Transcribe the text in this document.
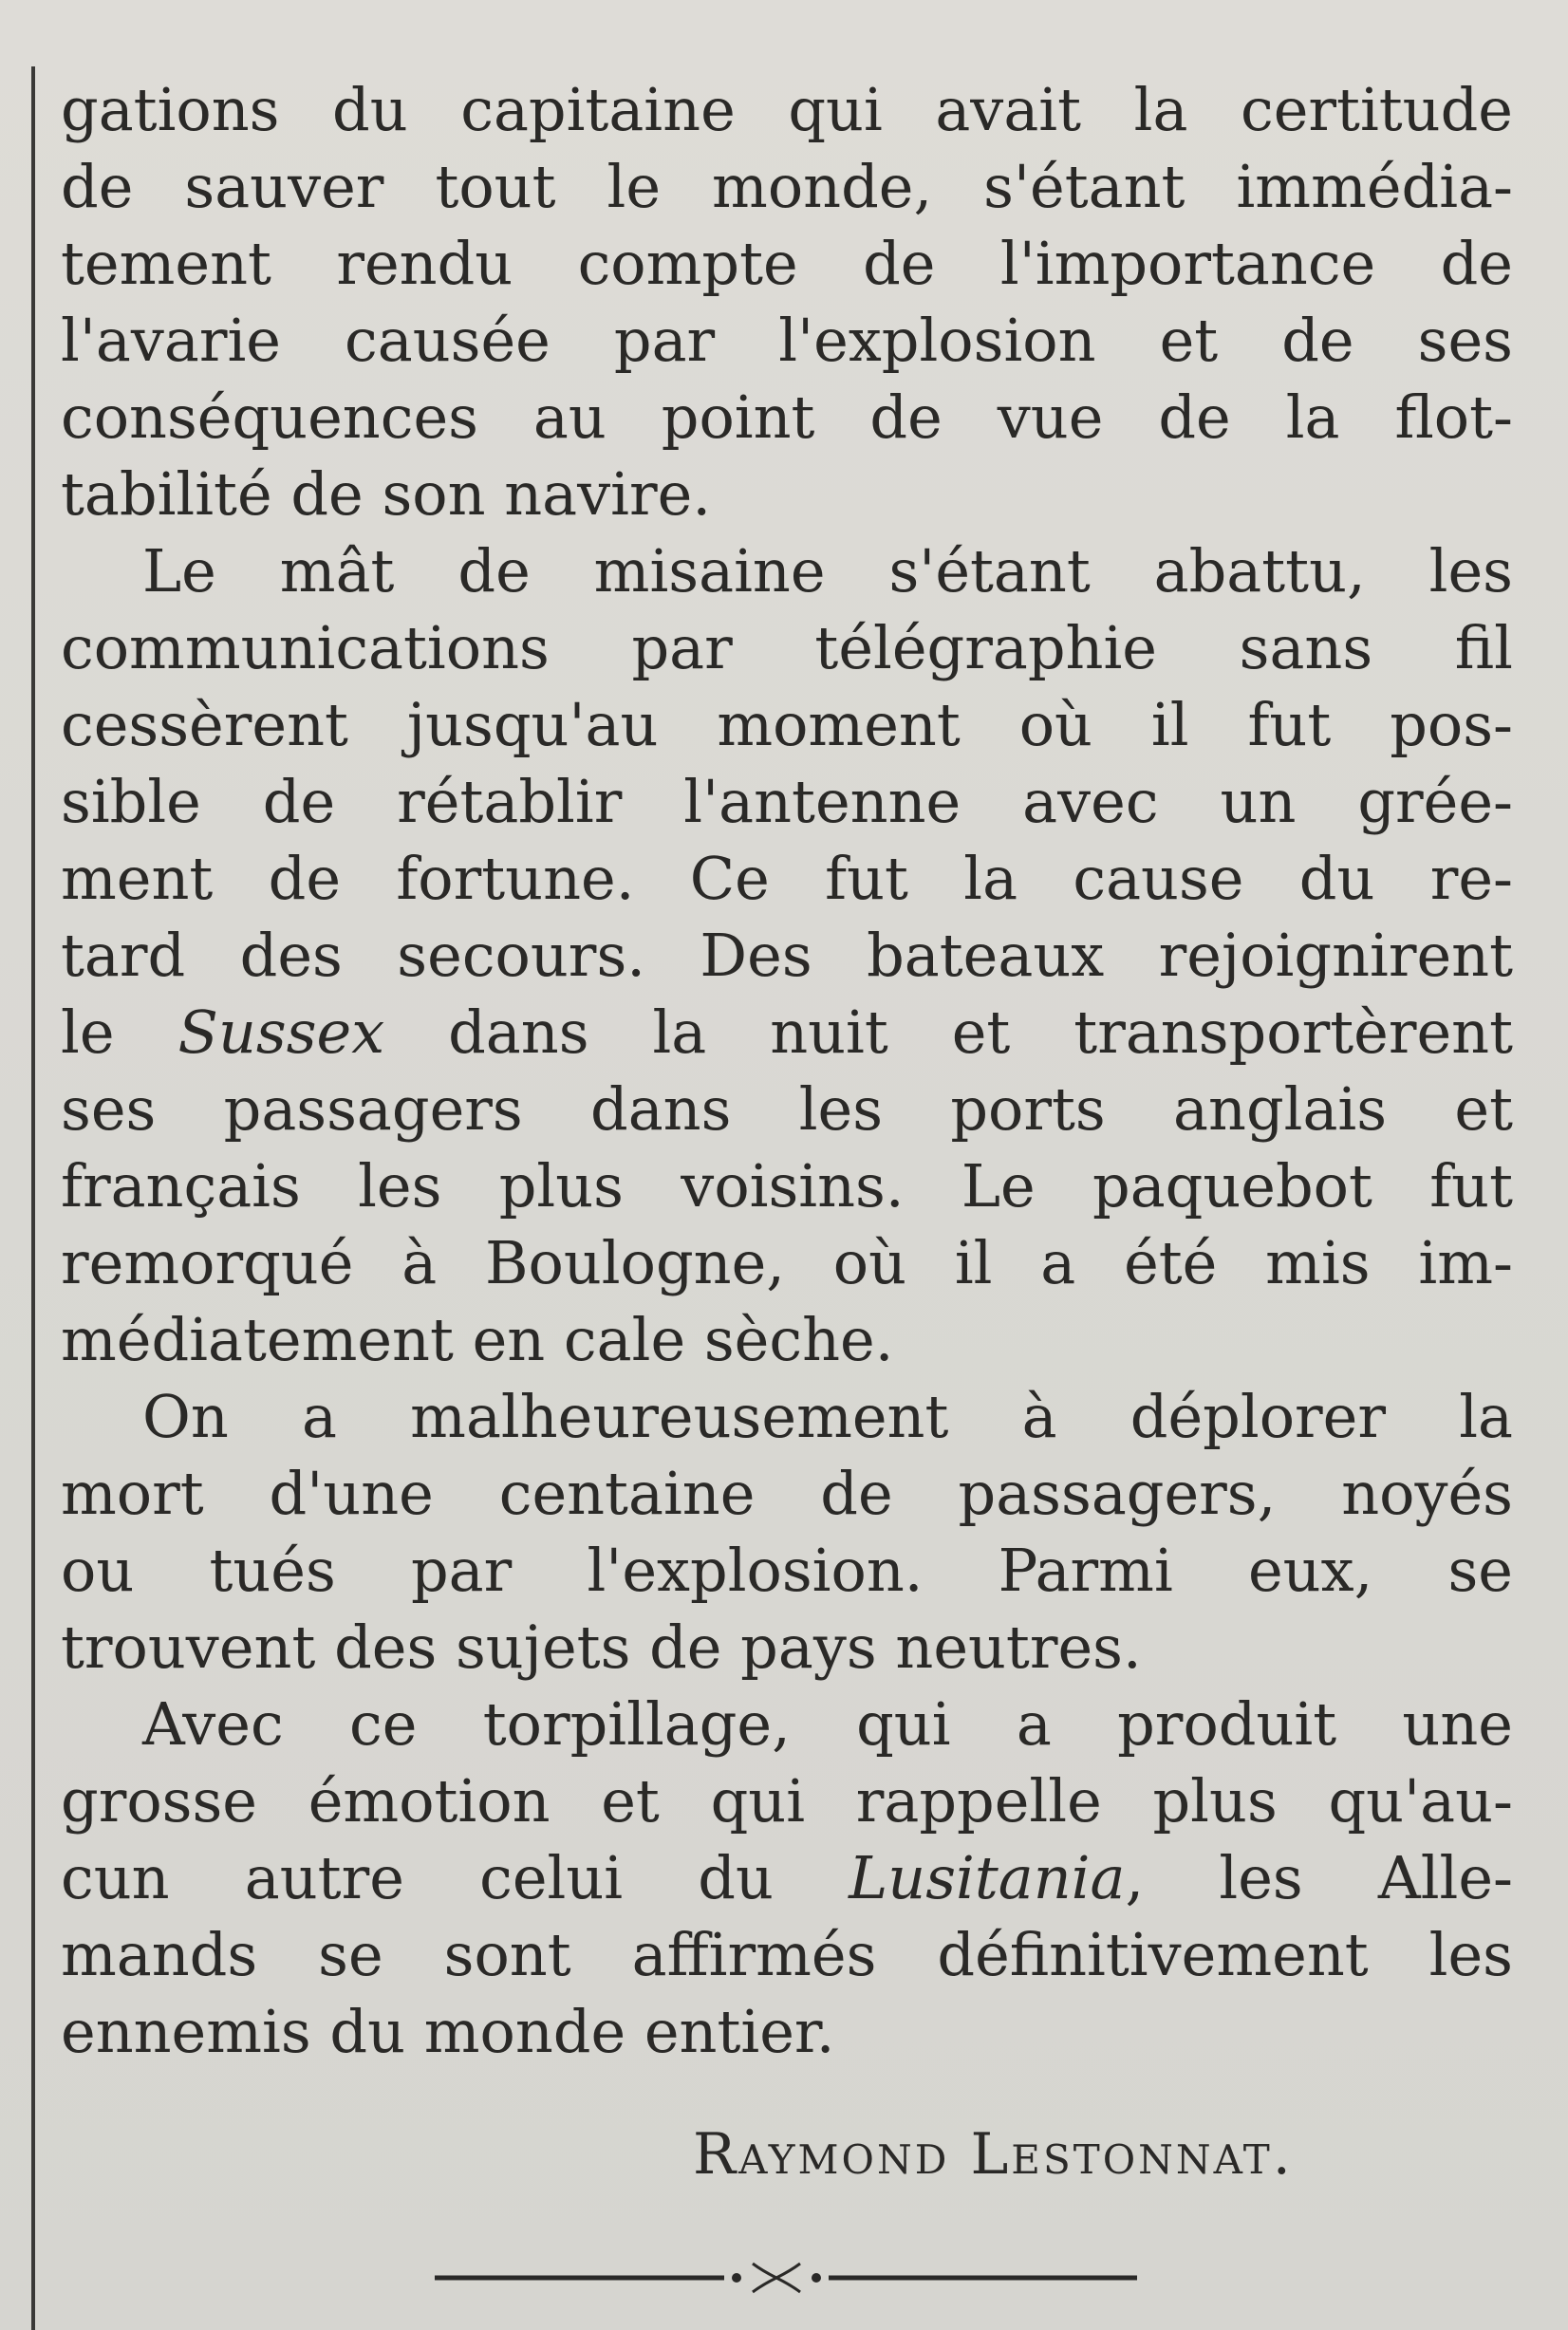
gations du capitaine qui avait la certitude
de sauver tout le monde, s'étant immédia-
tement rendu compte de l'importance de
l'avarie causée par l'explosion et de ses
conséquences au point de vue de la flot-
tabilité de son navire.
Le mât de misaine s'étant abattu, les
communications par télégraphie sans fil
cessèrent jusqu'au moment où il fut pos-
sible de rétablir l'antenne avec un grée-
ment de fortune. Ce fut la cause du re-
tard des secours. Des bateaux rejoignirent
le Sussex dans la nuit et transportèrent
ses passagers dans les ports anglais et
français les plus voisins. Le paquebot fut
remorqué à Boulogne, où il a été mis im-
médiatement en cale sèche.
On a malheureusement à déplorer la
mort d'une centaine de passagers, noyés
ou tués par l'explosion. Parmi eux, se
trouvent des sujets de pays neutres.
Avec ce torpillage, qui a produit une
grosse émotion et qui rappelle plus qu'au-
cun autre celui du Lusitania, les Alle-
mands se sont affirmés définitivement les
ennemis du monde entier.
Raymond Lestonnat.
